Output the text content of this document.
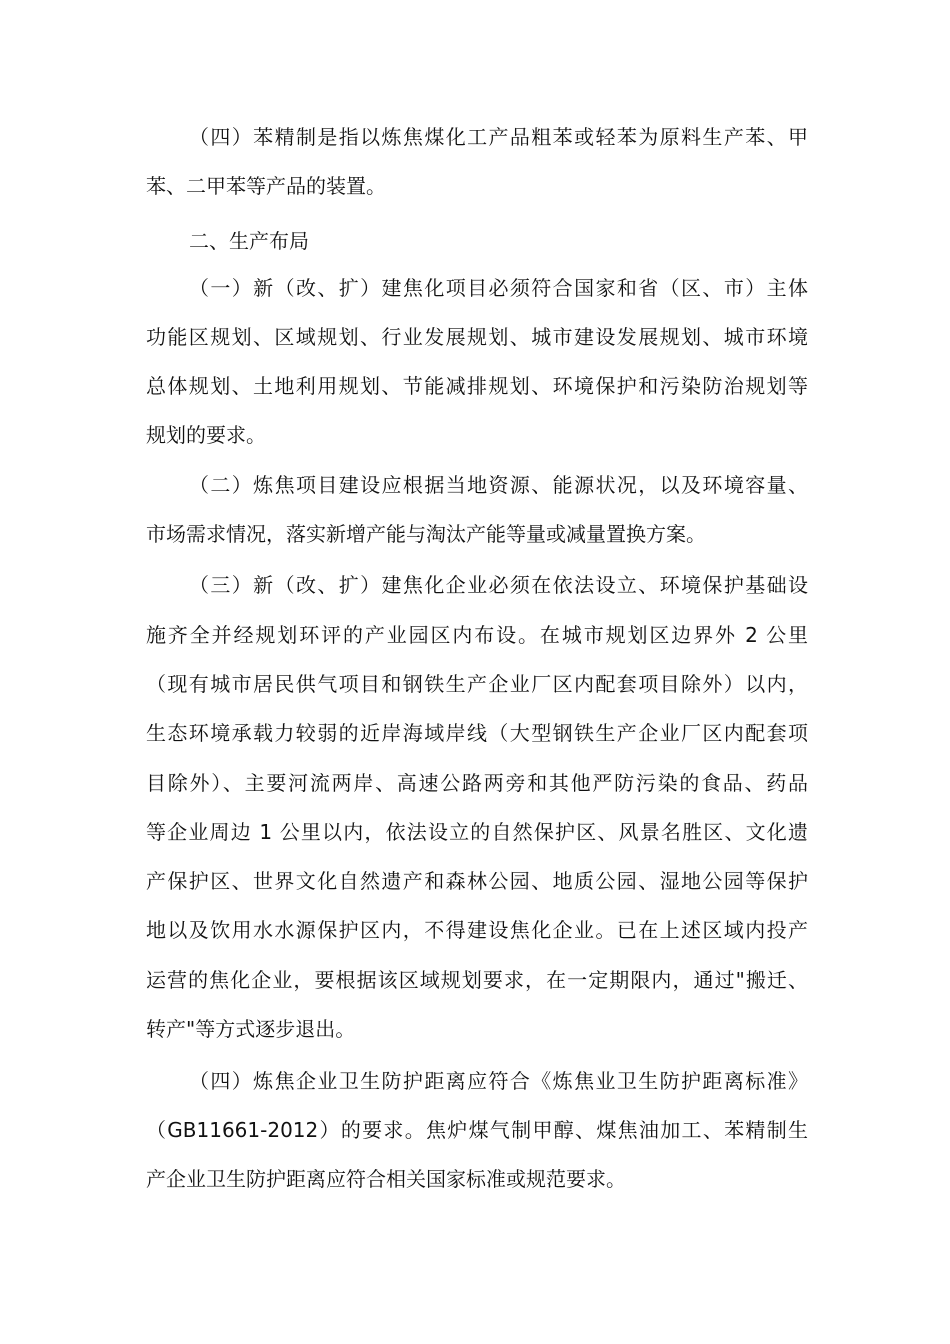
（四）苯精制是指以炼焦煤化工产品粗苯或轻苯为原料生产苯、甲

苯、二甲苯等产品的装置。

二、生产布局

（一）新（改、扩）建焦化项目必须符合国家和省（区、市）主体

功能区规划、区域规划、行业发展规划、城市建设发展规划、城市环境

总体规划、土地利用规划、节能减排规划、环境保护和污染防治规划等

规划的要求。

（二）炼焦项目建设应根据当地资源、能源状况，以及环境容量、

市场需求情况，落实新增产能与淘汰产能等量或减量置换方案。

（三）新（改、扩）建焦化企业必须在依法设立、环境保护基础设

施齐全并经规划环评的产业园区内布设。在城市规划区边界外 2 公里

（现有城市居民供气项目和钢铁生产企业厂区内配套项目除外）以内，

生态环境承载力较弱的近岸海域岸线（大型钢铁生产企业厂区内配套项

目除外）、主要河流两岸、高速公路两旁和其他严防污染的食品、药品

等企业周边 1 公里以内，依法设立的自然保护区、风景名胜区、文化遗

产保护区、世界文化自然遗产和森林公园、地质公园、湿地公园等保护

地以及饮用水水源保护区内，不得建设焦化企业。已在上述区域内投产

运营的焦化企业，要根据该区域规划要求，在一定期限内，通过"搬迁、

转产"等方式逐步退出。

（四）炼焦企业卫生防护距离应符合《炼焦业卫生防护距离标准》

（GB11661-2012）的要求。焦炉煤气制甲醇、煤焦油加工、苯精制生

产企业卫生防护距离应符合相关国家标准或规范要求。
